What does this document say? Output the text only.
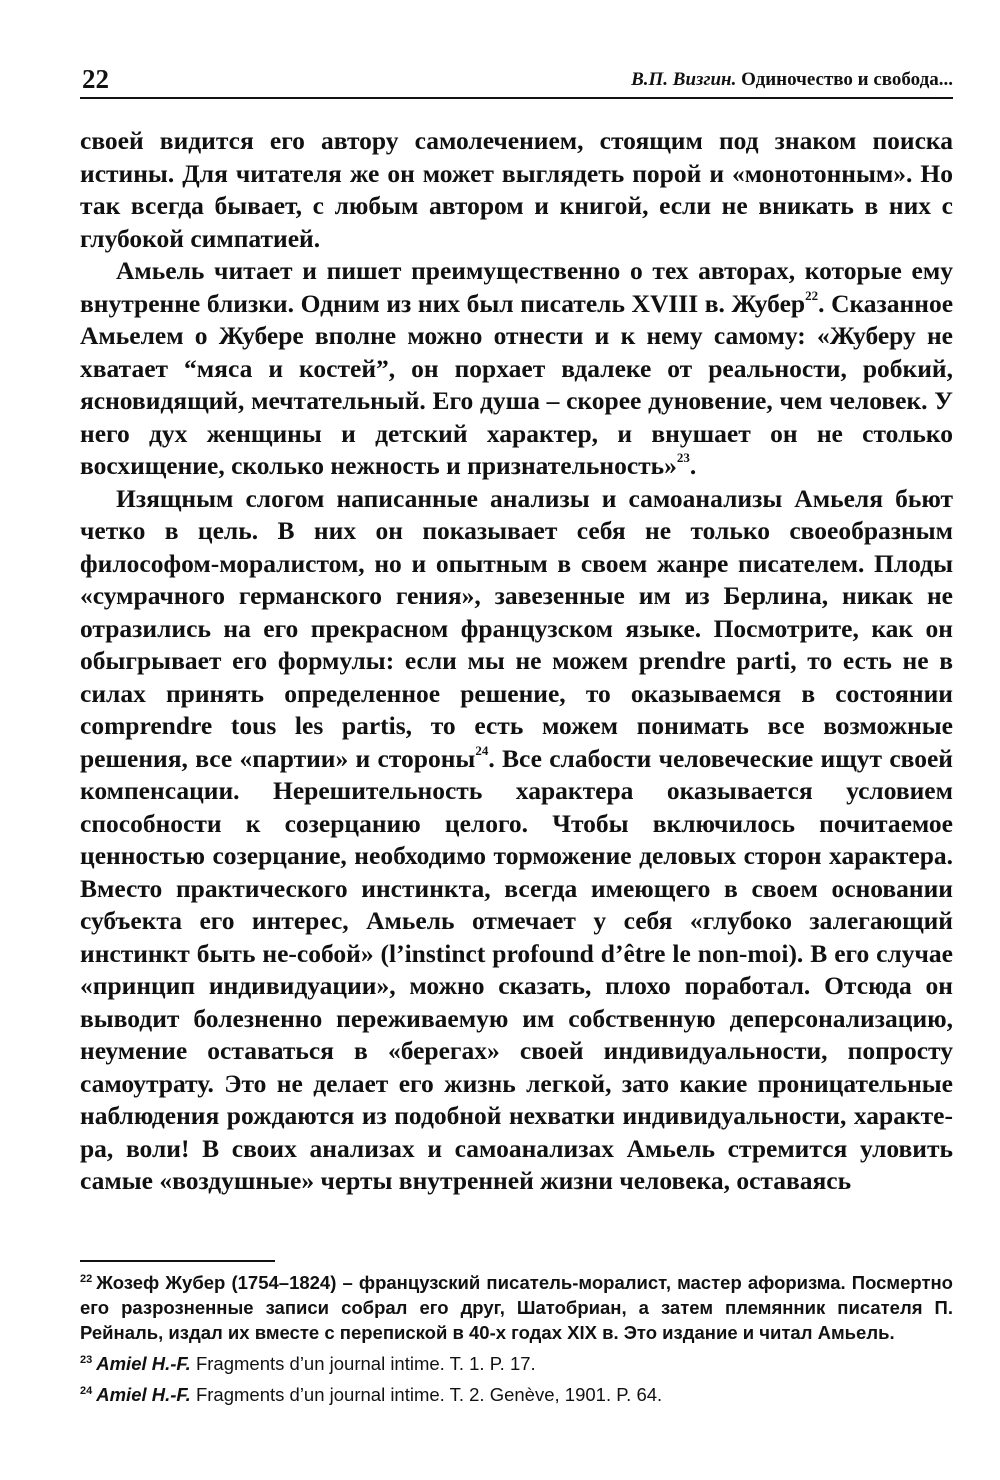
22	В.П. Визгин. Одиночество и свобода...

своей видится его автору самолечением, стоящим под знаком поиска истины. Для читателя же он может выглядеть порой и «монотонным». Но так всегда бывает, с любым автором и книгой, если не вникать в них с глубокой симпатией.

Амьель читает и пишет преимущественно о тех авторах, которые ему внутренне близки. Одним из них был писатель XVIII в. Жубер$^{22}$. Сказанное Амьелем о Жубере вполне можно отнести и к нему самому: «Жуберу не хватает “мяса и костей”, он порхает вдалеке от реальности, робкий, ясновидящий, мечтательный. Его душа – скорее дуновение, чем человек. У него дух женщины и детский характер, и внушает он не столько восхищение, сколько нежность и признательность»$^{23}$.

Изящным слогом написанные анализы и самоанализы Амьеля бьют четко в цель. В них он показывает себя не только своеобразным философом-моралистом, но и опытным в своем жанре писателем. Плоды «сумрачного германского гения», завезенные им из Берлина, никак не отразились на его прекрасном французском языке. Посмотрите, как он обыгрывает его формулы: если мы не можем prendre parti, то есть не в силах принять определенное решение, то оказываемся в состоянии comprendre tous les partis, то есть можем понимать все возможные решения, все «партии» и стороны$^{24}$. Все слабости человеческие ищут своей компенсации. Нерешительность характера оказывается условием способности к созерцанию целого. Чтобы включилось почитаемое ценностью созерцание, необходимо торможение деловых сторон характера. Вместо практического инстинкта, всегда имеющего в своем основании субъекта его интерес, Амьель отмечает у себя «глубоко залегающий инстинкт быть не-собой» (l’instinct profound d’être le non-moi). В его случае «принцип индивидуации», можно сказать, плохо поработал. Отсюда он выводит болезненно переживаемую им собственную деперсонализацию, неумение оставаться в «берегах» своей индивидуальности, попросту самоутрату. Это не делает его жизнь легкой, зато какие проницательные наблюдения рождаются из подобной нехватки индивидуальности, характера, воли! В своих анализах и самоанализах Амьель стремится уловить самые «воздушные» черты внутренней жизни человека, оставаясь

$^{22}$ Жозеф Жубер (1754–1824) – французский писатель-моралист, мастер афоризма. Посмертно его разрозненные записи собрал его друг, Шатобриан, а затем племянник писателя П. Рейналь, издал их вместе с перепиской в 40-х годах XIX в. Это издание и читал Амьель.

$^{23}$ Amiel H.-F. Fragments d’un journal intime. T. 1. P. 17.

$^{24}$ Amiel H.-F. Fragments d’un journal intime. T. 2. Genève, 1901. P. 64.
